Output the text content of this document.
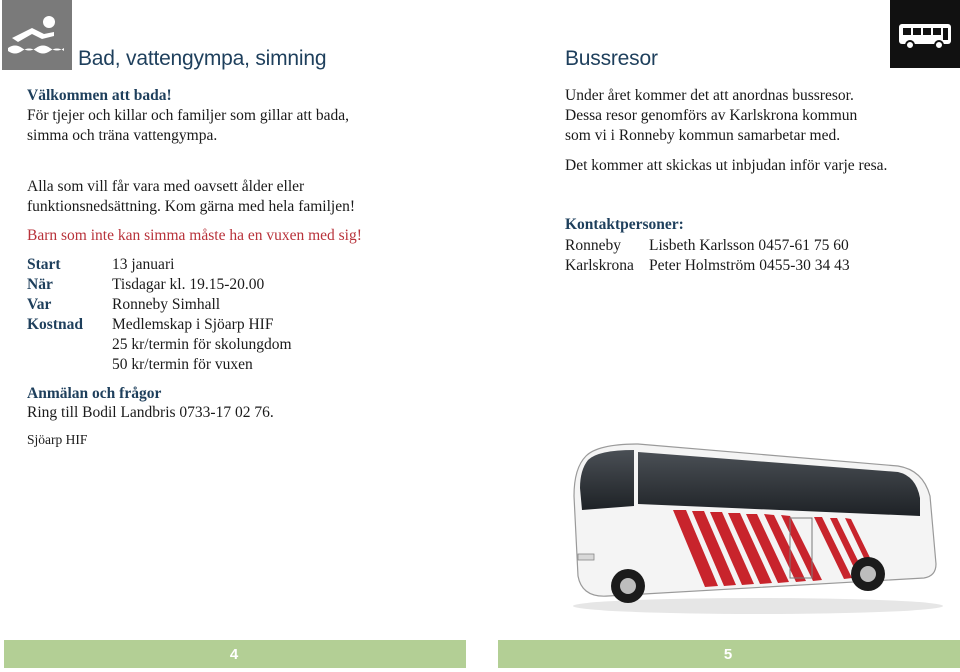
Bad, vattengympa, simning

Välkommen att bada!

För tjejer och killar och familjer som gillar att bada,

simma och träna vattengympa.

Alla som vill får vara med oavsett ålder eller

funktionsnedsättning. Kom gärna med hela familjen!

Barn som inte kan simma måste ha en vuxen med sig!

Start	13 januari
När	Tisdagar kl. 19.15-20.00
Var	Ronneby Simhall
Kostnad	Medlemskap i Sjöarp HIF
	25 kr/termin för skolungdom
	50 kr/termin för vuxen

Anmälan och frågor

Ring till Bodil Landbris 0733-17 02 76.

Sjöarp HIF

4
Bussresor

Under året kommer det att anordnas bussresor.

Dessa resor genomförs av Karlskrona kommun

som vi i Ronneby kommun samarbetar med.

Det kommer att skickas ut inbjudan inför varje resa.

Kontaktpersoner:

Ronneby	Lisbeth Karlsson 0457-61 75 60
Karlskrona	Peter Holmström 0455-30 34 43
5
